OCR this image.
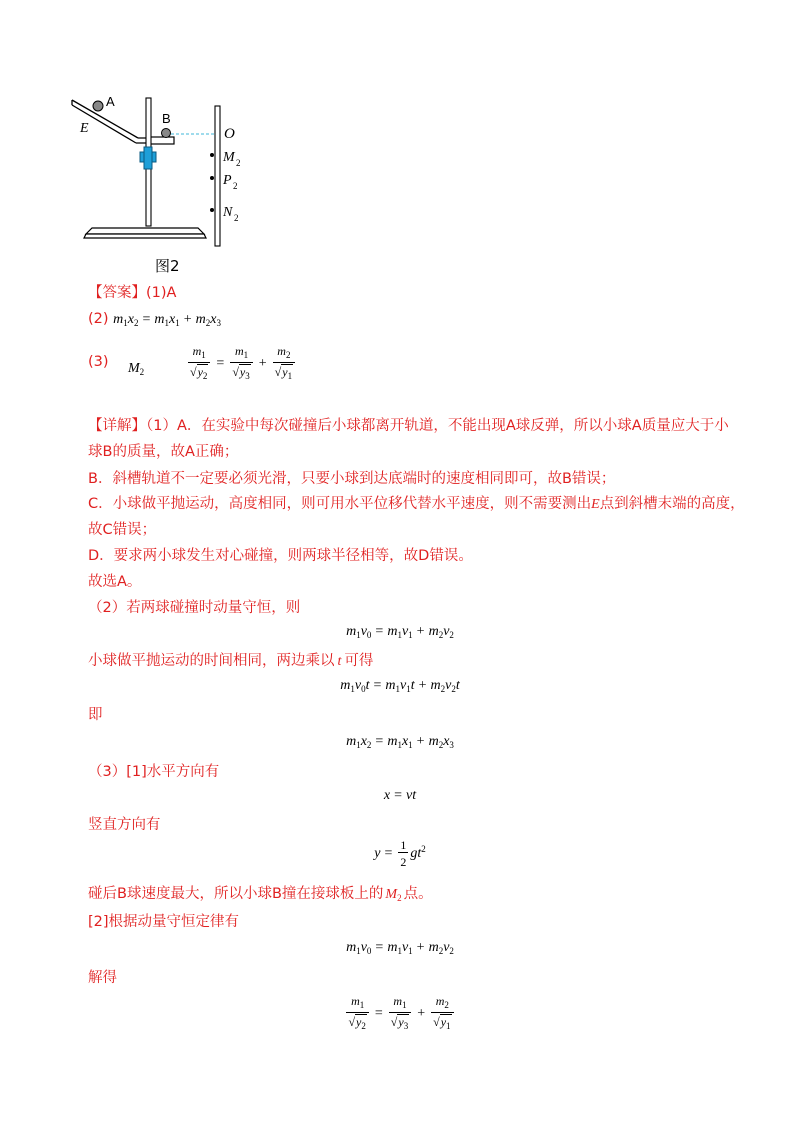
A
E
B
O
M 2
P 2
N 2
图2
【答案】(1)A
(2) $m_1x_2 = m_1x_1 + m_2x_3$
(3) $M_2$	$\frac{m_1}{√y_2} = \frac{m_1}{√y_3} + \frac{m_2}{√y_1}$
【详解】（1）A．在实验中每次碰撞后小球都离开轨道，不能出现A球反弹，所以小球A质量应大于小
球B的质量，故A正确；
B．斜槽轨道不一定要必须光滑，只要小球到达底端时的速度相同即可，故B错误；
C．小球做平抛运动，高度相同，则可用水平位移代替水平速度，则不需要测出E点到斜槽末端的高度，
故C错误；
D．要求两小球发生对心碰撞，则两球半径相等，故D错误。
故选A。
（2）若两球碰撞时动量守恒，则
$m_1v_0 = m_1v_1 + m_2v_2$
小球做平抛运动的时间相同，两边乘以 t 可得
$m_1v_0t = m_1v_1t + m_2v_2t$
即
$m_1x_2 = m_1x_1 + m_2x_3$
（3）[1]水平方向有
x = vt
竖直方向有
$y = \frac{1}{2} gt^2$
碰后B球速度最大，所以小球B撞在接球板上的 $M_2$ 点。
[2]根据动量守恒定律有
$m_1v_0 = m_1v_1 + m_2v_2$
解得
$\frac{m_1}{√y_2} = \frac{m_1}{√y_3} + \frac{m_2}{√y_1}$
